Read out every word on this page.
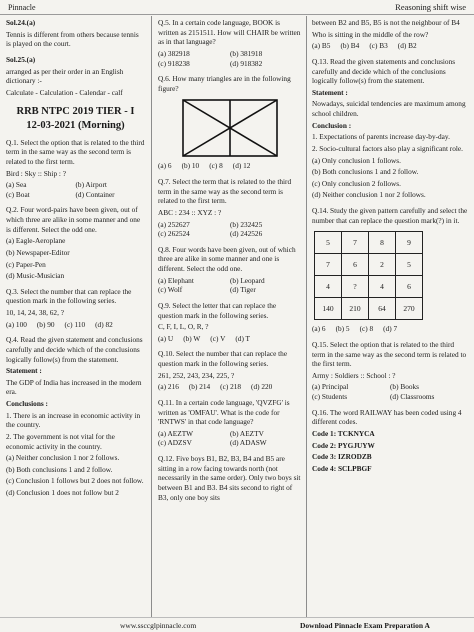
Pinnacle	Reasoning shift wise

Sol.24.(a)

Tennis is different from others because tennis is played on the court.

Sol.25.(a)

arranged as per their order in an English dictionary :-

Calculate - Calculation - Calendar - calf

RRB NTPC 2019 TIER - I
12-03-2021 (Morning)

Q.1. Select the option that is related to the third term in the same way as the second term is related to the first term.

Bird : Sky :: Ship : ?

(a) Sea	(b) Airport
(c) Boat	(d) Container

Q.2. Four word-pairs have been given, out of which three are alike in some manner and one is different. Select the odd one.

(a) Eagle-Aeroplane

(b) Newspaper-Editor

(c) Paper-Pen

(d) Music-Musician

Q.3. Select the number that can replace the question mark in the following series.

10, 14, 24, 38, 62, ?

(a) 100 (b) 90 (c) 110 (d) 82

Q.4. Read the given statement and conclusions carefully and decide which of the conclusions logically follow(s) from the statement.

Statement :

The GDP of India has increased in the modern era.

Conclusions :

1. There is an increase in economic activity in the country.

2. The government is not vital for the economic activity in the country.

(a) Neither conclusion 1 nor 2 follows.

(b) Both conclusions 1 and 2 follow.

(c) Conclusion 1 follows but 2 does not follow.

(d) Conclusion 1 does not follow but 2

Q.5. In a certain code language, BOOK is written as 2151511. How will CHAIR be written as in that language?

(a) 382918	(b) 381918
(c) 918238	(d) 918382

Q.6. How many triangles are in the following figure?

(a) 6 (b) 10 (c) 8 (d) 12

Q.7. Select the term that is related to the third term in the same way as the second term is related to the first term.

ABC : 234 :: XYZ : ?

(a) 252627	(b) 232425
(c) 262524	(d) 242526

Q.8. Four words have been given, out of which three are alike in some manner and one is different. Select the odd one.

(a) Elephant	(b) Leopard
(c) Wolf	(d) Tiger

Q.9. Select the letter that can replace the question mark in the following series.

C, F, I, L, O, R, ?

(a) U (b) W (c) V (d) T

Q.10. Select the number that can replace the question mark in the following series.

261, 252, 243, 234, 225, ?

(a) 216 (b) 214 (c) 218 (d) 220

Q.11. In a certain code language, 'QVZFG' is written as 'OMFAU'. What is the code for 'RNTWS' in that code language?

(a) AEZTW	(b) AEZTV
(c) ADZSV	(d) ADASW

Q.12. Five boys B1, B2, B3, B4 and B5 are sitting in a row facing towards north (not necessarily in the same order). Only two boys sit between B1 and B3. B4 sits second to right of B3, only one boy sits

between B2 and B5, B5 is not the neighbour of B4

Who is sitting in the middle of the row?

(a) B5 (b) B4 (c) B3 (d) B2

Q.13. Read the given statements and conclusions carefully and decide which of the conclusions logically follow(s) from the statement.

Statement :

Nowadays, suicidal tendencies are maximum among school children.

Conclusion :

1. Expectations of parents increase day-by-day.

2. Socio-cultural factors also play a significant role.

(a) Only conclusion 1 follows.

(b) Both conclusions 1 and 2 follow.

(c) Only conclusion 2 follows.

(d) Neither conclusion 1 nor 2 follows.

Q.14. Study the given pattern carefully and select the number that can replace the question mark(?) in it.

5	7	8	9
7	6	2	5
4	?	4	6
140	210	64	270
(a) 6 (b) 5 (c) 8 (d) 7

Q.15. Select the option that is related to the third term in the same way as the second term is related to the first term.

Army : Soldiers :: School : ?

(a) Principal	(b) Books
(c) Students	(d) Classrooms

Q.16. The word RAILWAY has been coded using 4 different codes.

Code 1: TCKNYCA

Code 2: PYGJUYW

Code 3: IZRODZB

Code 4: SCLPBGF

www.ssccglpinnacle.com	Download Pinnacle Exam Preparation A
